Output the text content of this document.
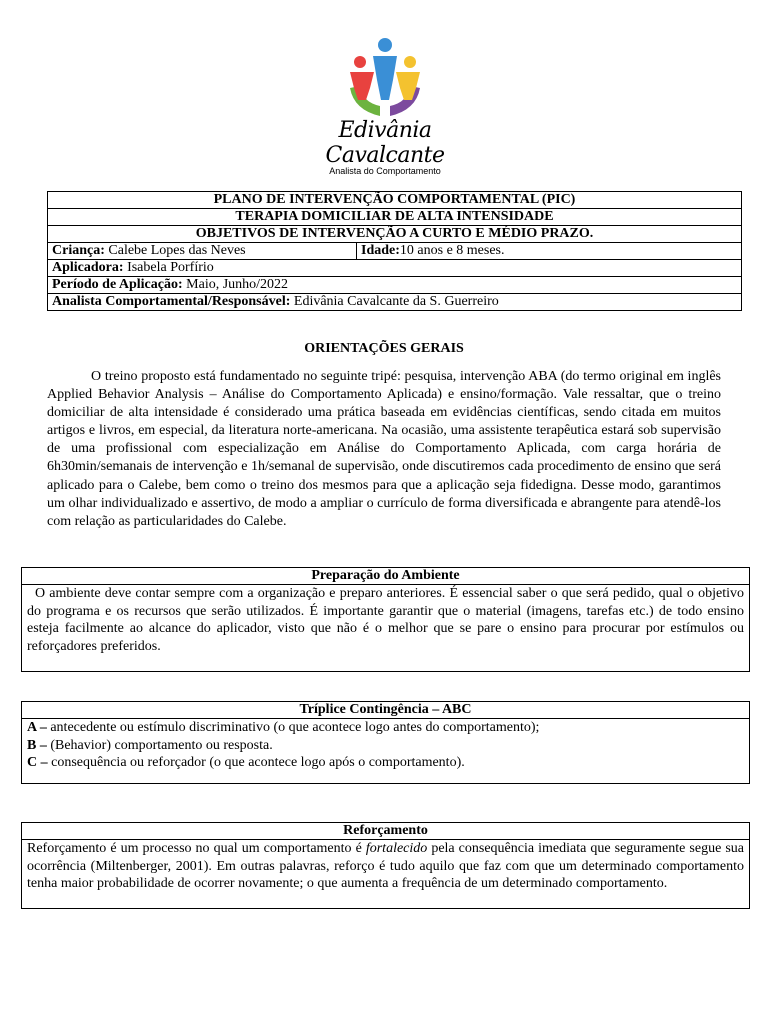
Edivânia Cavalcante
Analista do Comportamento
PLANO DE INTERVENÇÃO COMPORTAMENTAL (PIC)
TERAPIA DOMICILIAR DE ALTA INTENSIDADE
OBJETIVOS DE INTERVENÇÃO A CURTO E MÉDIO PRAZO.
Criança: Calebe Lopes das Neves	Idade:10 anos e 8 meses.
Aplicadora: Isabela Porfírio
Período de Aplicação: Maio, Junho/2022
Analista Comportamental/Responsável: Edivânia Cavalcante da S. Guerreiro
ORIENTAÇÕES GERAIS
O treino proposto está fundamentado no seguinte tripé: pesquisa, intervenção ABA (do termo original em inglês Applied Behavior Analysis – Análise do Comportamento Aplicada) e ensino/formação. Vale ressaltar, que o treino domiciliar de alta intensidade é considerado uma prática baseada em evidências científicas, sendo citada em muitos artigos e livros, em especial, da literatura norte-americana. Na ocasião, uma assistente terapêutica estará sob supervisão de uma profissional com especialização em Análise do Comportamento Aplicada, com carga horária de 6h30min/semanais de intervenção e 1h/semanal de supervisão, onde discutiremos cada procedimento de ensino que será aplicado para o Calebe, bem como o treino dos mesmos para que a aplicação seja fidedigna. Desse modo, garantimos um olhar individualizado e assertivo, de modo a ampliar o currículo de forma diversificada e abrangente para atendê-los com relação as particularidades do Calebe.
Preparação do Ambiente
O ambiente deve contar sempre com a organização e preparo anteriores. É essencial saber o que será pedido, qual o objetivo do programa e os recursos que serão utilizados. É importante garantir que o material (imagens, tarefas etc.) de todo ensino esteja facilmente ao alcance do aplicador, visto que não é o melhor que se pare o ensino para procurar por estímulos ou reforçadores preferidos.
Tríplice Contingência – ABC

A – antecedente ou estímulo discriminativo (o que acontece logo antes do comportamento);

B – (Behavior) comportamento ou resposta.

C – consequência ou reforçador (o que acontece logo após o comportamento).

Reforçamento
Reforçamento é um processo no qual um comportamento é fortalecido pela consequência imediata que seguramente segue sua ocorrência (Miltenberger, 2001). Em outras palavras, reforço é tudo aquilo que faz com que um determinado comportamento tenha maior probabilidade de ocorrer novamente; o que aumenta a frequência de um determinado comportamento.
